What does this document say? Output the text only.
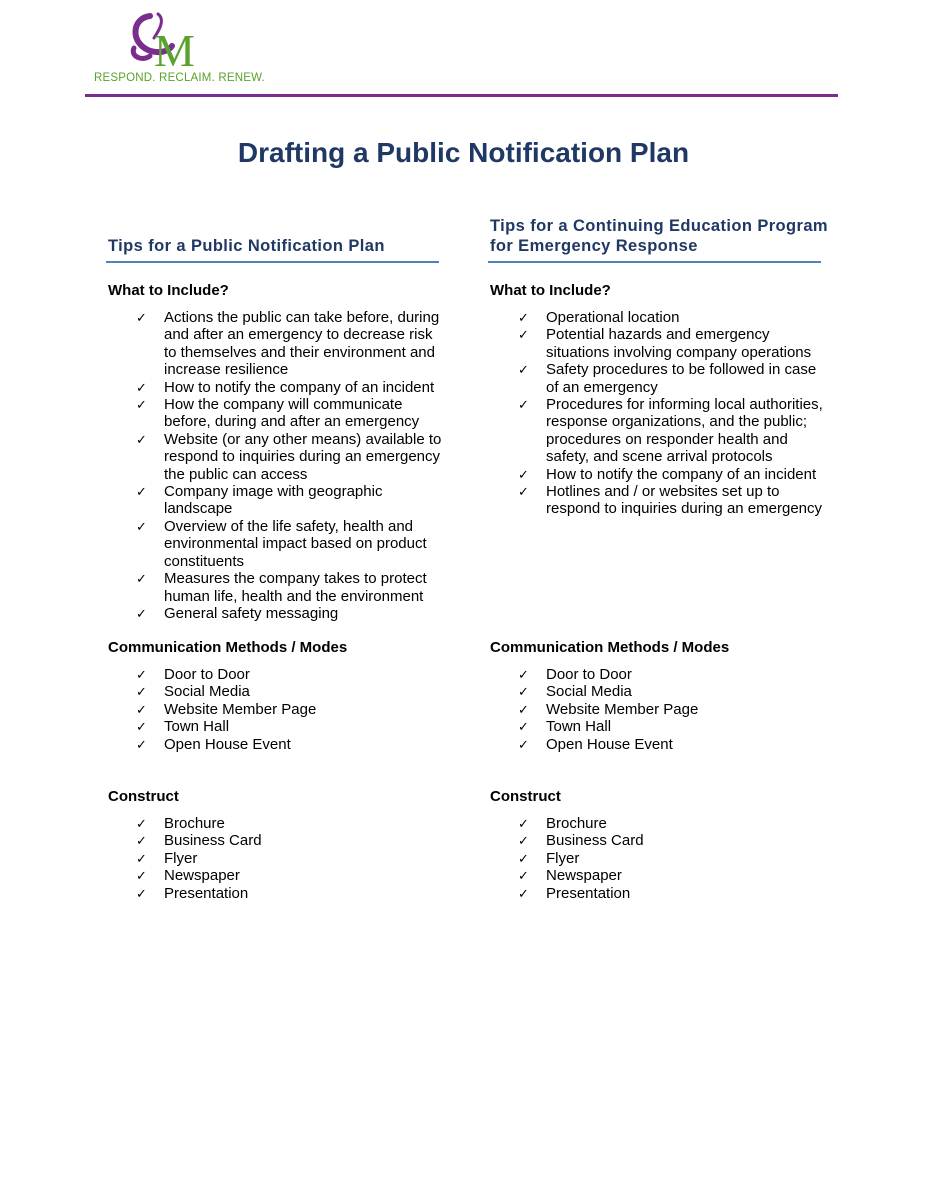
M
RESPOND. RECLAIM. RENEW.
Drafting a Public Notification Plan
Tips for a Public Notification Plan
What to Include?
✓ Actions the public can take before, during and after an emergency to decrease risk to themselves and their environment and increase resilience
✓ How to notify the company of an incident
✓ How the company will communicate before, during and after an emergency
✓ Website (or any other means) available to respond to inquiries during an emergency the public can access
✓ Company image with geographic landscape
✓ Overview of the life safety, health and environmental impact based on product constituents
✓ Measures the company takes to protect human life, health and the environment
✓ General safety messaging
Communication Methods / Modes
✓ Door to Door
✓ Social Media
✓ Website Member Page
✓ Town Hall
✓ Open House Event
Construct
✓ Brochure
✓ Business Card
✓ Flyer
✓ Newspaper
✓ Presentation
Tips for a Continuing Education Program for Emergency Response
What to Include?
✓ Operational location
✓ Potential hazards and emergency situations involving company operations
✓ Safety procedures to be followed in case of an emergency
✓ Procedures for informing local authorities, response organizations, and the public; procedures on responder health and safety, and scene arrival protocols
✓ How to notify the company of an incident
✓ Hotlines and / or websites set up to respond to inquiries during an emergency
Communication Methods / Modes
✓ Door to Door
✓ Social Media
✓ Website Member Page
✓ Town Hall
✓ Open House Event
Construct
✓ Brochure
✓ Business Card
✓ Flyer
✓ Newspaper
✓ Presentation
